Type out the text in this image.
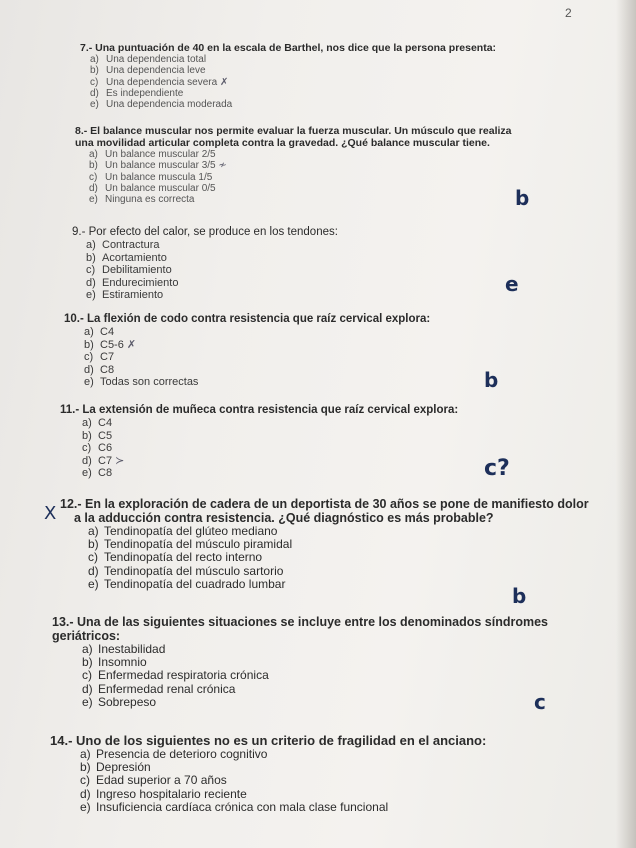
2
7.- Una puntuación de 40 en la escala de Barthel, nos dice que la persona presenta:
a) Una dependencia total
b) Una dependencia leve
c) Una dependencia severa ✗
d) Es independiente
e) Una dependencia moderada
8.- El balance muscular nos permite evaluar la fuerza muscular. Un músculo que realiza
una movilidad articular completa contra la gravedad. ¿Qué balance muscular tiene.
a) Un balance muscular 2/5
b) Un balance muscular 3/5 ≁
c) Un balance muscula 1/5
d) Un balance muscular 0/5
e) Ninguna es correcta	b
9.- Por efecto del calor, se produce en los tendones:
a) Contractura
b) Acortamiento
c) Debilitamiento
d) Endurecimiento
e) Estiramiento	e
10.- La flexión de codo contra resistencia que raíz cervical explora:
a) C4
b) C5-6 ✗
c) C7
d) C8
e) Todas son correctas	b
11.- La extensión de muñeca contra resistencia que raíz cervical explora:
a) C4
b) C5
c) C6
d) C7 ≻
e) C8	c?
X 12.- En la exploración de cadera de un deportista de 30 años se pone de manifiesto dolor
a la adducción contra resistencia. ¿Qué diagnóstico es más probable?
a) Tendinopatía del glúteo mediano
b) Tendinopatía del músculo piramidal
c) Tendinopatía del recto interno
d) Tendinopatía del músculo sartorio
e) Tendinopatía del cuadrado lumbar
b
13.- Una de las siguientes situaciones se incluye entre los denominados síndromes
geriátricos:
a) Inestabilidad
b) Insomnio
c) Enfermedad respiratoria crónica
d) Enfermedad renal crónica
e) Sobrepeso	c
14.- Uno de los siguientes no es un criterio de fragilidad en el anciano:
a) Presencia de deterioro cognitivo
b) Depresión
c) Edad superior a 70 años
d) Ingreso hospitalario reciente
e) Insuficiencia cardíaca crónica con mala clase funcional
